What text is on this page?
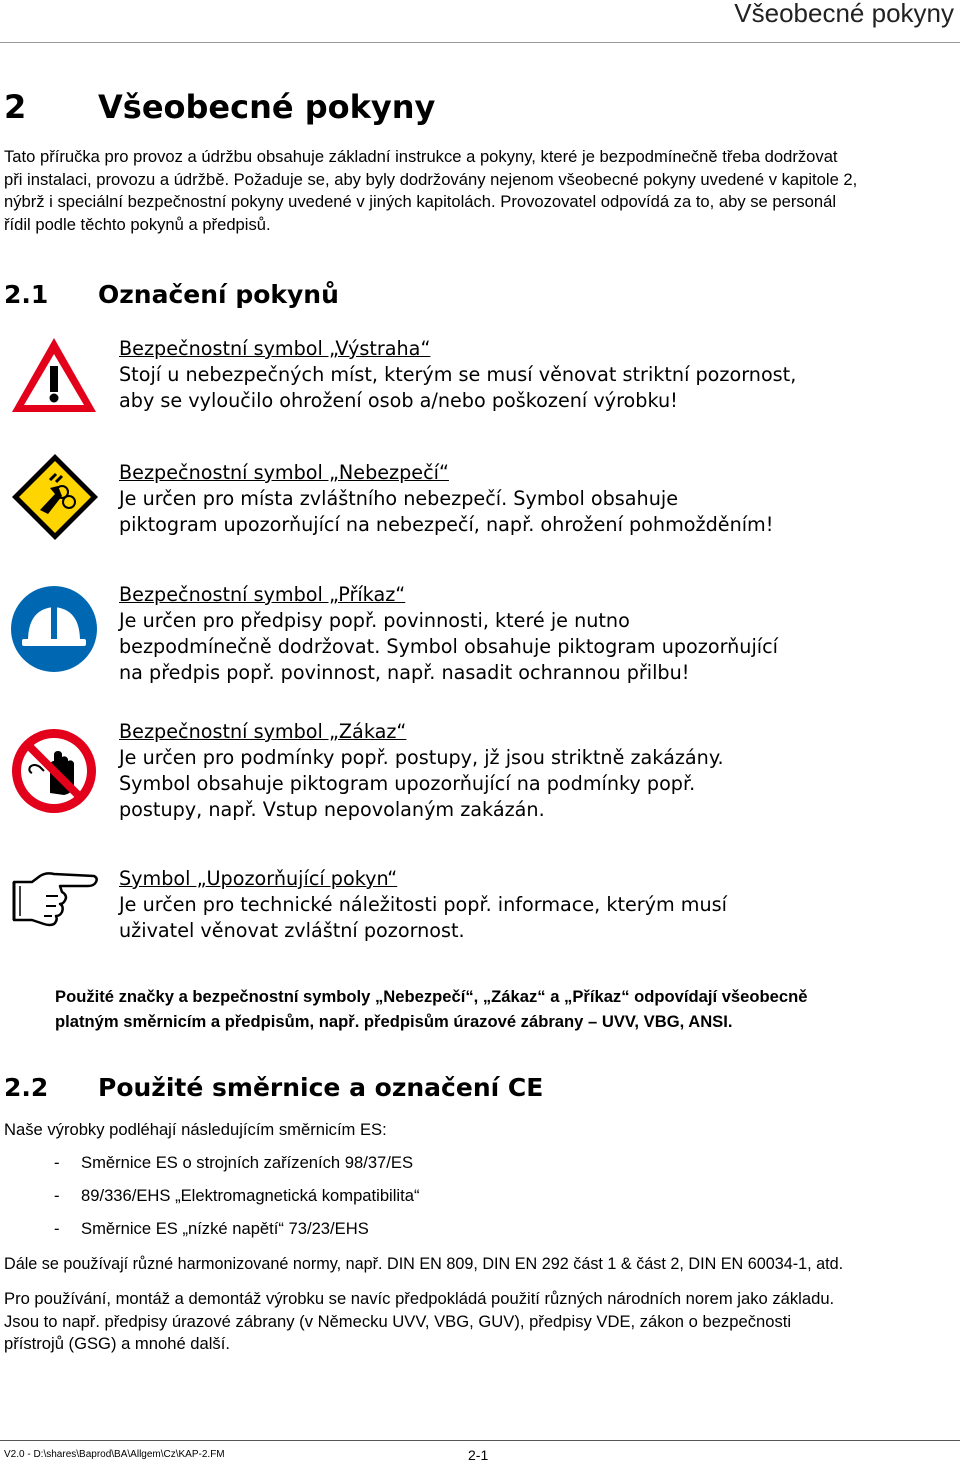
Všeobecné pokyny
2 Všeobecné pokyny

Tato příručka pro provoz a údržbu obsahuje základní instrukce a pokyny, které je bezpodmínečně třeba dodržovat

při instalaci, provozu a údržbě. Požaduje se, aby byly dodržovány nejenom všeobecné pokyny uvedené v kapitole 2,

nýbrž i speciální bezpečnostní pokyny uvedené v jiných kapitolách. Provozovatel odpovídá za to, aby se personál

řídil podle těchto pokynů a předpisů.

2.1 Označení pokynů
Bezpečnostní symbol „Výstraha“
Stojí u nebezpečných míst, kterým se musí věnovat striktní pozornost,
aby se vyloučilo ohrožení osob a/nebo poškození výrobku!
Bezpečnostní symbol „Nebezpečí“
Je určen pro místa zvláštního nebezpečí. Symbol obsahuje
piktogram upozorňující na nebezpečí, např. ohrožení pohmožděním!
Bezpečnostní symbol „Příkaz“
Je určen pro předpisy popř. povinnosti, které je nutno
bezpodmínečně dodržovat. Symbol obsahuje piktogram upozorňující
na předpis popř. povinnost, např. nasadit ochrannou přilbu!
Bezpečnostní symbol „Zákaz“
Je určen pro podmínky popř. postupy, jž jsou striktně zakázány.
Symbol obsahuje piktogram upozorňující na podmínky popř.
postupy, např. Vstup nepovolaným zakázán.
Symbol „Upozorňující pokyn“
Je určen pro technické náležitosti popř. informace, kterým musí
uživatel věnovat zvláštní pozornost.
Použité značky a bezpečnostní symboly „Nebezpečí“, „Zákaz“ a „Příkaz“ odpovídají všeobecně
platným směrnicím a předpisům, např. předpisům úrazové zábrany – UVV, VBG, ANSI.
2.2 Použité směrnice a označení CE
Naše výrobky podléhají následujícím směrnicím ES:
- Směrnice ES o strojních zařízeních 98/37/ES
- 89/336/EHS „Elektromagnetická kompatibilita“
- Směrnice ES „nízké napětí“ 73/23/EHS
Dále se používají různé harmonizované normy, např. DIN EN 809, DIN EN 292 část 1 & část 2, DIN EN 60034-1, atd.
Pro používání, montáž a demontáž výrobku se navíc předpokládá použití různých národních norem jako základu.
Jsou to např. předpisy úrazové zábrany (v Německu UVV, VBG, GUV), předpisy VDE, zákon o bezpečnosti
přístrojů (GSG) a mnohé další.
V2.0 - D:\shares\Baprod\BA\Allgem\Cz\KAP-2.FM	2-1
